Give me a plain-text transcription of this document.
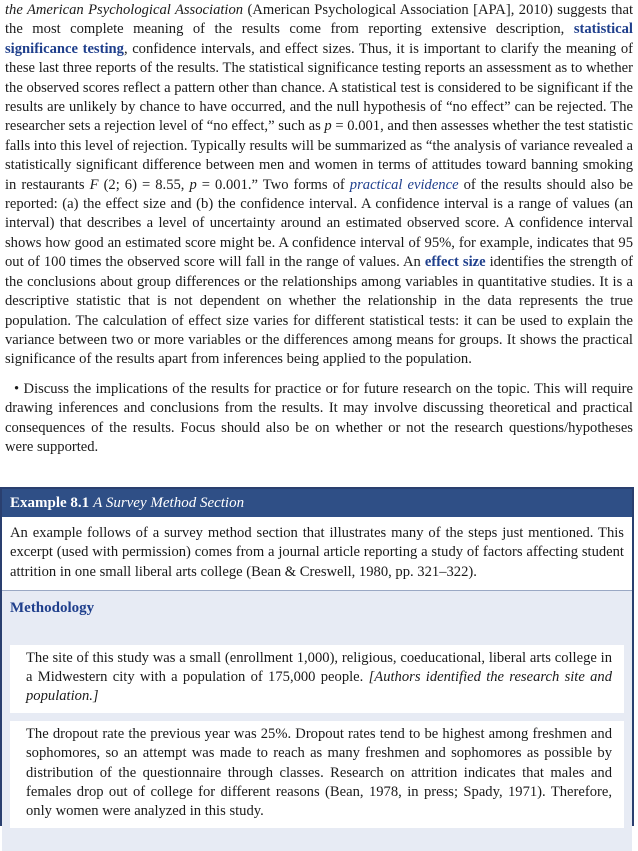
the American Psychological Association (American Psychological Association [APA], 2010) suggests that the most complete meaning of the results come from reporting extensive description, statistical significance testing, confidence intervals, and effect sizes. Thus, it is important to clarify the meaning of these last three reports of the results. The statistical significance testing reports an assessment as to whether the observed scores reflect a pattern other than chance. A statistical test is considered to be significant if the results are unlikely by chance to have occurred, and the null hypothesis of “no effect” can be rejected. The researcher sets a rejection level of “no effect,” such as p = 0.001, and then assesses whether the test statistic falls into this level of rejection. Typically results will be summarized as “the analysis of variance revealed a statistically significant difference between men and women in terms of attitudes toward banning smoking in restaurants F (2; 6) = 8.55, p = 0.001.” Two forms of practical evidence of the results should also be reported: (a) the effect size and (b) the confidence interval. A confidence interval is a range of values (an interval) that describes a level of uncertainty around an estimated observed score. A confidence interval shows how good an estimated score might be. A confidence interval of 95%, for example, indicates that 95 out of 100 times the observed score will fall in the range of values. An effect size identifies the strength of the conclusions about group differences or the relationships among variables in quantitative studies. It is a descriptive statistic that is not dependent on whether the relationship in the data represents the true population. The calculation of effect size varies for different statistical tests: it can be used to explain the variance between two or more variables or the differences among means for groups. It shows the practical significance of the results apart from inferences being applied to the population.

• Discuss the implications of the results for practice or for future research on the topic. This will require drawing inferences and conclusions from the results. It may involve discussing theoretical and practical consequences of the results. Focus should also be on whether or not the research questions/hypotheses were supported.

Example 8.1 A Survey Method Section

An example follows of a survey method section that illustrates many of the steps just mentioned. This excerpt (used with permission) comes from a journal article reporting a study of factors affecting student attrition in one small liberal arts college (Bean & Creswell, 1980, pp. 321–322).

Methodology
The site of this study was a small (enrollment 1,000), religious, coeducational, liberal arts college in a Midwestern city with a population of 175,000 people. [Authors identified the research site and population.]
The dropout rate the previous year was 25%. Dropout rates tend to be highest among freshmen and sophomores, so an attempt was made to reach as many freshmen and sophomores as possible by distribution of the questionnaire through classes. Research on attrition indicates that males and females drop out of college for different reasons (Bean, 1978, in press; Spady, 1971). Therefore, only women were analyzed in this study.
